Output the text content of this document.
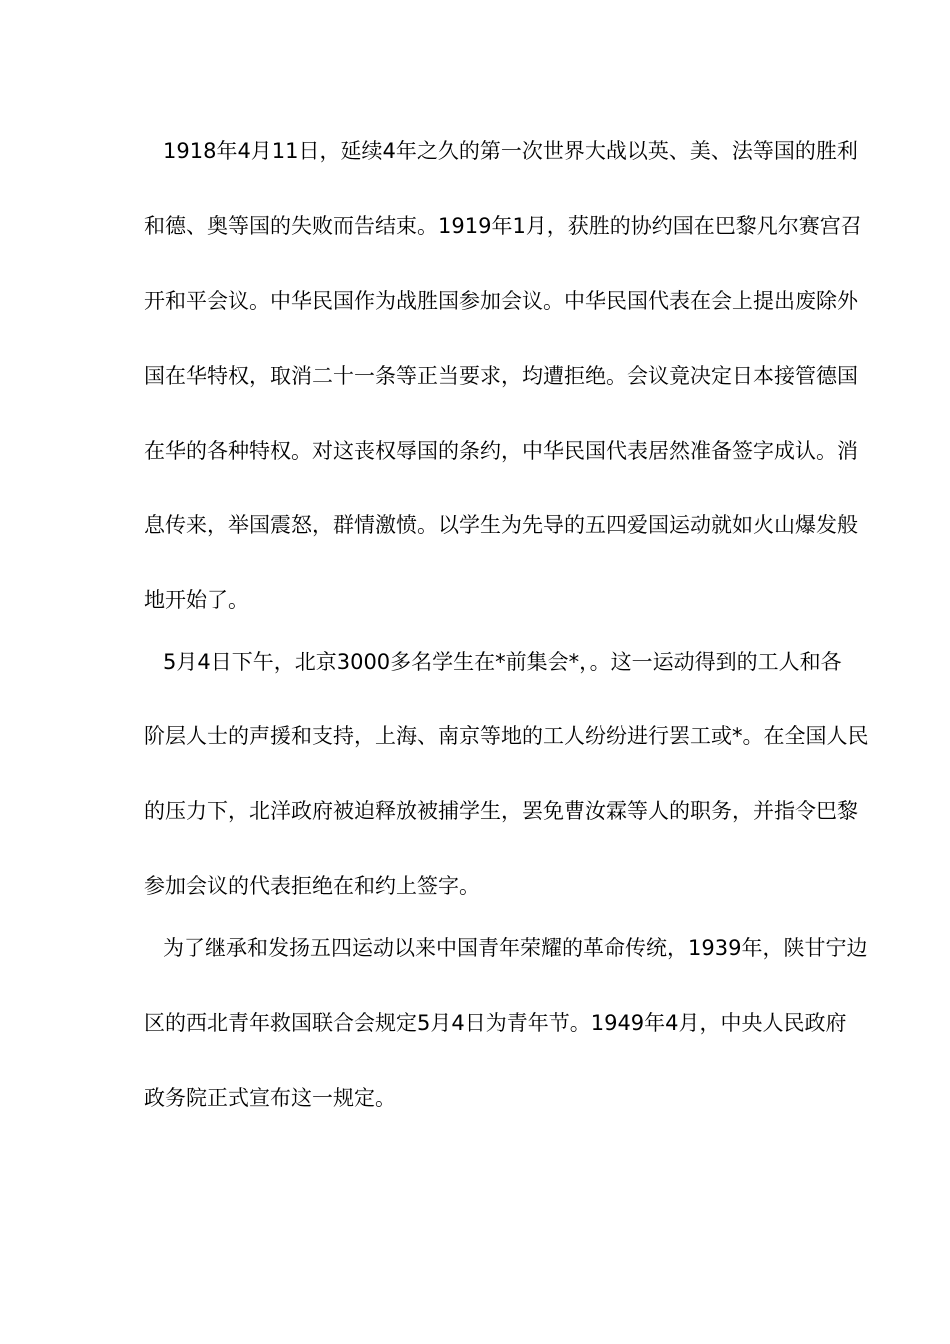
1918年4月11日，延续4年之久的第一次世界大战以英、美、法等国的胜利

和德、奥等国的失败而告结束。1919年1月，获胜的协约国在巴黎凡尔赛宫召

开和平会议。中华民国作为战胜国参加会议。中华民国代表在会上提出废除外

国在华特权，取消二十一条等正当要求，均遭拒绝。会议竟决定日本接管德国

在华的各种特权。对这丧权辱国的条约，中华民国代表居然准备签字成认。消

息传来，举国震怒，群情激愤。以学生为先导的五四爱国运动就如火山爆发般

地开始了。

5月4日下午，北京3000多名学生在*前集会*，。这一运动得到的工人和各

阶层人士的声援和支持，上海、南京等地的工人纷纷进行罢工或*。在全国人民

的压力下，北洋政府被迫释放被捕学生，罢免曹汝霖等人的职务，并指令巴黎

参加会议的代表拒绝在和约上签字。

为了继承和发扬五四运动以来中国青年荣耀的革命传统，1939年，陕甘宁边

区的西北青年救国联合会规定5月4日为青年节。1949年4月，中央人民政府

政务院正式宣布这一规定。
